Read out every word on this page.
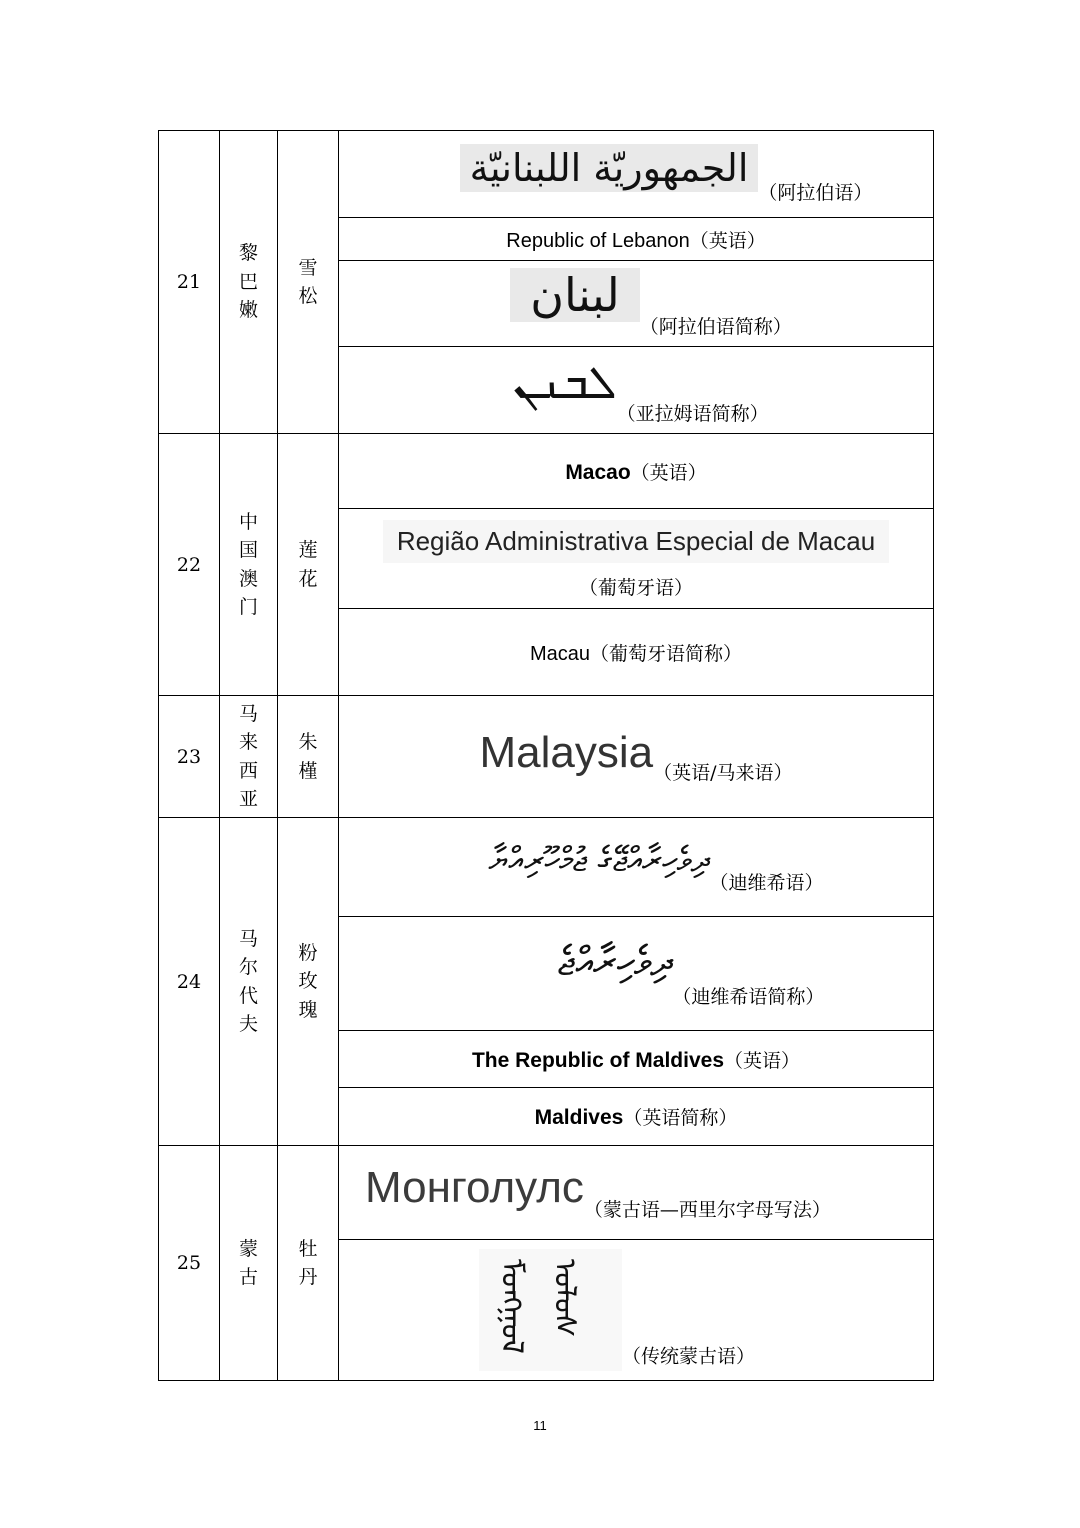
21	黎巴嫩	雪松	الجمهوريّة اللبنانيّة（阿拉伯语）
			Republic of Lebanon（英语）
			لبنان（阿拉伯语简称）
			ܠܒܢܢ（亚拉姆语简称）
22	中国澳门	莲花	Macao（英语）

			Região Administrativa Especial de Macau
（葡萄牙语）

			Macau（葡萄牙语简称）
23	马来西亚	朱槿	Malaysia（英语/马来语）
24	马尔代夫	粉玫瑰	ދިވެހިރާއްޖޭގެ ޖުމްހޫރިއްޔާ（迪维希语）
			ދިވެހިރާއްޖެ（迪维希语简称）
			The Republic of Maldives（英语）
			Maldives（英语简称）
25	蒙古	牡丹	Монголулс（蒙古语—西里尔字母写法）

			ᠮᠣᠩᠭᠣᠯ ᠤᠯᠤᠰ
（传统蒙古语）
11
